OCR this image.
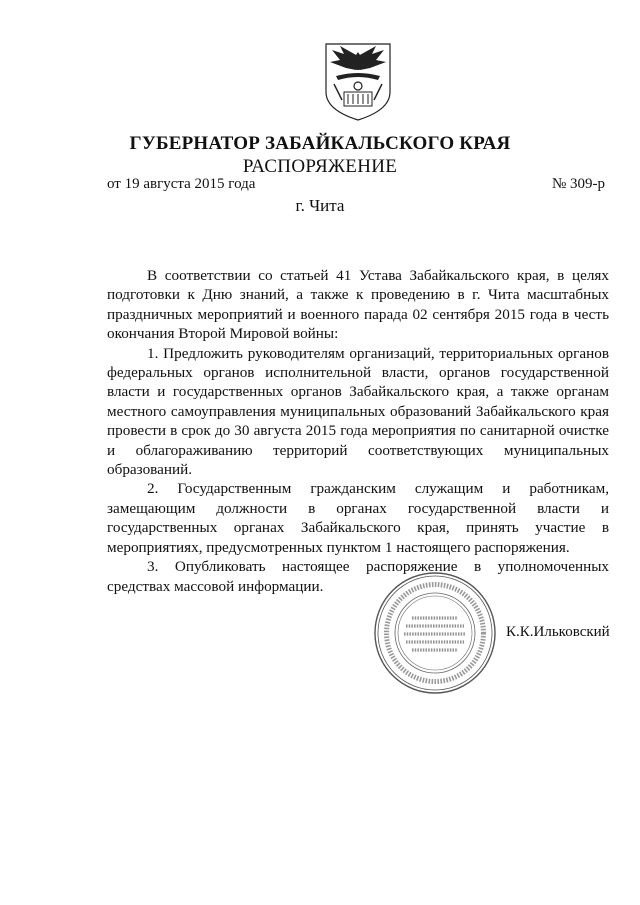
ГУБЕРНАТОР ЗАБАЙКАЛЬСКОГО КРАЯ
РАСПОРЯЖЕНИЕ
от 19 августа 2015 года	№ 309-р
г. Чита

В соответствии со статьей 41 Устава Забайкальского края, в целях подготовки к Дню знаний, а также к проведению в г. Чита масштабных праздничных мероприятий и военного парада 02 сентября 2015 года в честь окончания Второй Мировой войны:

1. Предложить руководителям организаций, территориальных органов федеральных органов исполнительной власти, органов государственной власти и государственных органов Забайкальского края, а также органам местного самоуправления муниципальных образований Забайкальского края провести в срок до 30 августа 2015 года мероприятия по санитарной очистке и облагораживанию территорий соответствующих муниципальных образований.

2. Государственным гражданским служащим и работникам, замещающим должности в органах государственной власти и государственных органах Забайкальского края, принять участие в мероприятиях, предусмотренных пунктом 1 настоящего распоряжения.

3. Опубликовать настоящее распоряжение в уполномоченных средствах массовой информации.

К.К.Ильковский
